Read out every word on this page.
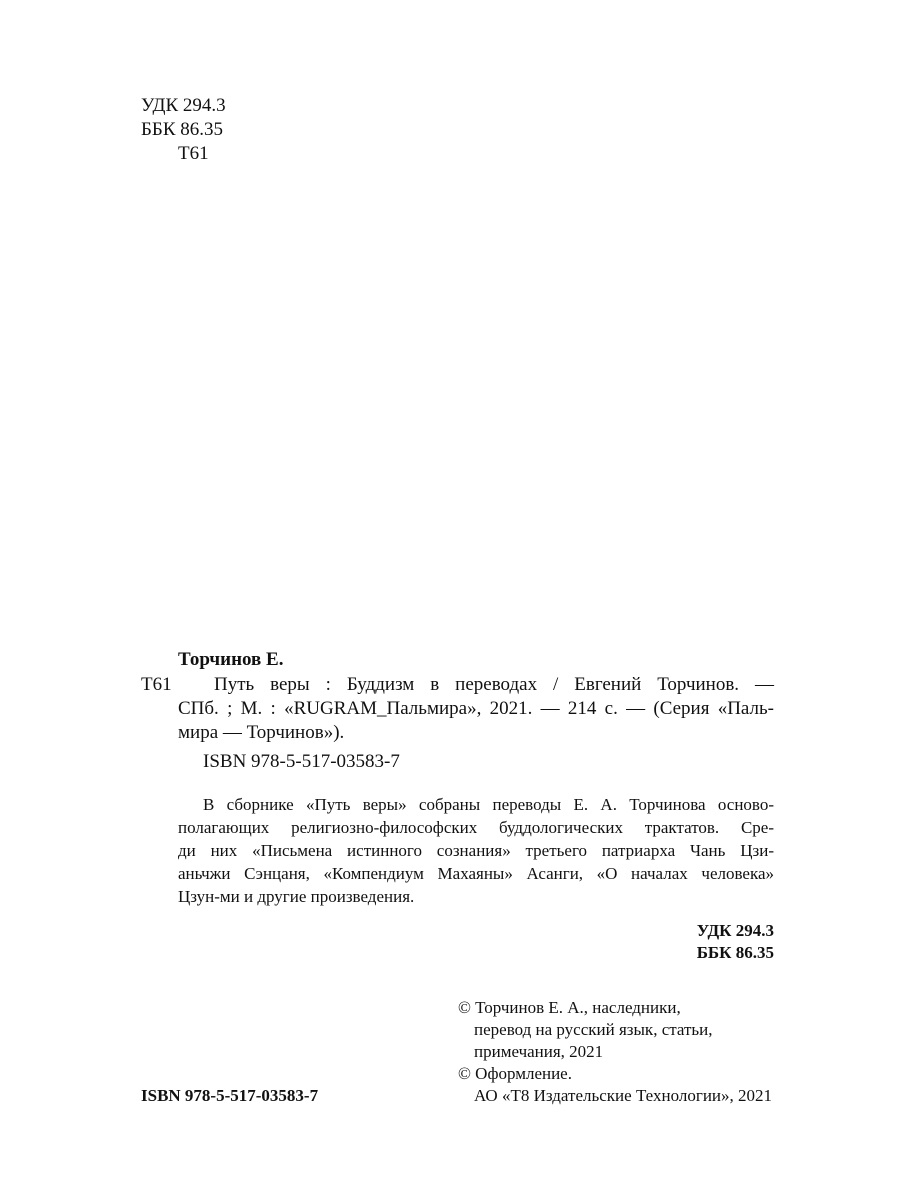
УДК 294.3
ББК 86.35
Т61
Торчинов Е.
Т61 Путь веры : Буддизм в переводах / Евгений Торчинов. —
СПб. ; М. : «RUGRAM_Пальмира», 2021. — 214 с. — (Серия «Паль-
мира — Торчинов»).
ISBN 978-5-517-03583-7
В сборнике «Путь веры» собраны переводы Е. А. Торчинова осново-
полагающих религиозно-философских буддологических трактатов. Сре-
ди них «Письмена истинного сознания» третьего патриарха Чань Цзи-
аньчжи Сэнцаня, «Компендиум Махаяны» Асанги, «О началах человека»
Цзун-ми и другие произведения.
УДК 294.3
ББК 86.35
© Торчинов Е. А., наследники,
перевод на русский язык, статьи,
примечания, 2021
© Оформление.
АО «Т8 Издательские Технологии», 2021
ISBN 978-5-517-03583-7
